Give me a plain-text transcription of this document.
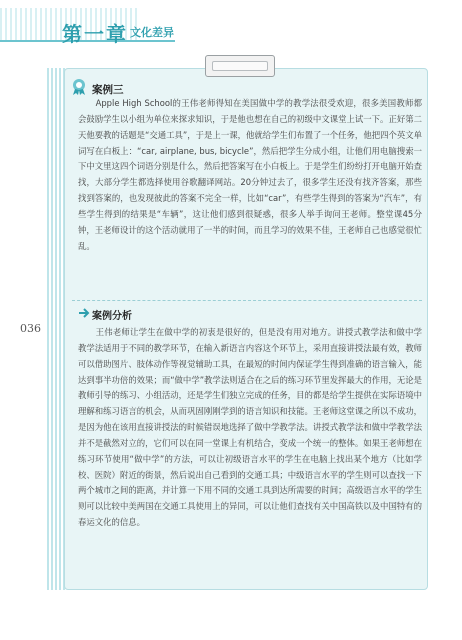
第一章 文化差异
036
案例三
Apple High School的王伟老师得知在美国做中学的教学法很受欢迎，很多美国教师都会鼓励学生以小组为单位来探求知识，于是他也想在自己的初级中文课堂上试一下。正好第二天他要教的话题是“交通工具”，于是上一课，他就给学生们布置了一个任务，他把四个英文单词写在白板上：“car, airplane, bus, bicycle”，然后把学生分成小组，让他们用电脑搜索一下中文里这四个词语分别是什么，然后把答案写在小白板上。于是学生们纷纷打开电脑开始查找，大部分学生都选择使用谷歌翻译网站。20分钟过去了，很多学生还没有找齐答案，那些找到答案的，也发现彼此的答案不完全一样，比如“car”，有些学生得到的答案为“汽车”，有些学生得到的结果是“车辆”，这让他们感到很疑惑，很多人举手询问王老师。整堂课45分钟，王老师设计的这个活动就用了一半的时间，而且学习的效果不佳，王老师自己也感觉很忙乱。
案例分析
王伟老师让学生在做中学的初衷是很好的，但是没有用对地方。讲授式教学法和做中学教学法适用于不同的教学环节，在输入新语言内容这个环节上，采用直接讲授法最有效，教师可以借助图片、肢体动作等视觉辅助工具，在最短的时间内保证学生得到准确的语言输入，能达到事半功倍的效果；而“做中学”教学法则适合在之后的练习环节里发挥最大的作用，无论是教师引导的练习、小组活动，还是学生们独立完成的任务，目的都是给学生提供在实际语境中理解和练习语言的机会，从而巩固刚刚学到的语言知识和技能。王老师这堂课之所以不成功，是因为他在该用直接讲授法的时候错误地选择了做中学教学法。讲授式教学法和做中学教学法并不是截然对立的，它们可以在同一堂课上有机结合，变成一个统一的整体。如果王老师想在练习环节使用“做中学”的方法，可以让初级语言水平的学生在电脑上找出某个地方（比如学校、医院）附近的街景，然后说出自己看到的交通工具；中级语言水平的学生则可以查找一下两个城市之间的距离，并计算一下用不同的交通工具到达所需要的时间；高级语言水平的学生则可以比较中美两国在交通工具使用上的异同，可以让他们查找有关中国高铁以及中国特有的春运文化的信息。
